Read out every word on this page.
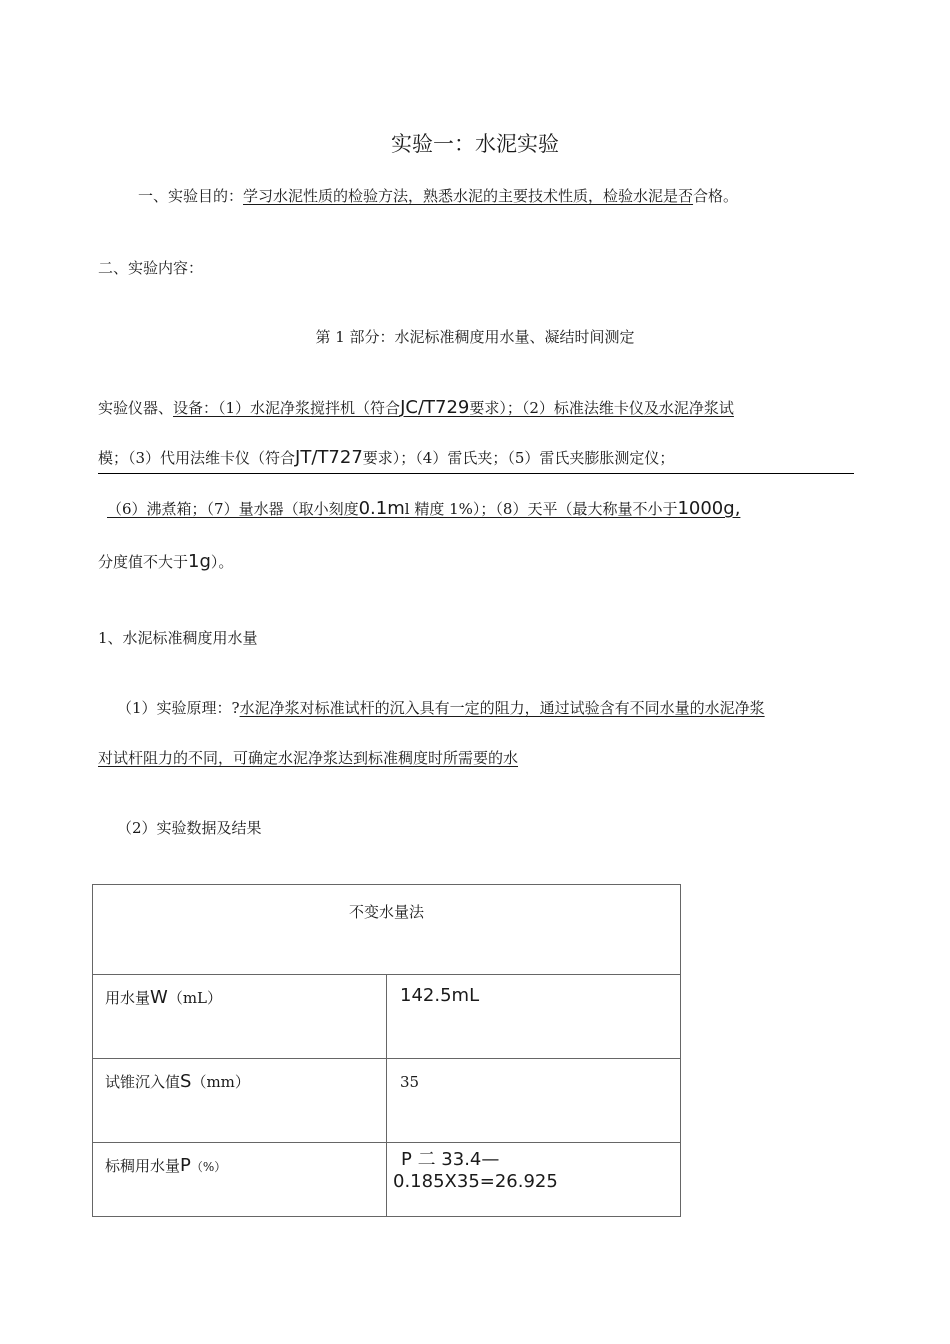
实验一：水泥实验
一、实验目的：学习水泥性质的检验方法，熟悉水泥的主要技术性质，检验水泥是否合格。
二、实验内容：
第 1 部分：水泥标准稠度用水量、凝结时间测定
实验仪器、设备：（1）水泥净浆搅拌机（符合JC/T729要求）；（2）标准法维卡仪及水泥净浆试
模；（3）代用法维卡仪（符合JT/T727要求）；（4）雷氏夹；（5）雷氏夹膨胀测定仪；
（6）沸煮箱；（7）量水器（取小刻度0.1ml 精度 1%）；（8）天平（最大称量不小于1000g,
分度值不大于1g）。
1、水泥标准稠度用水量
（1）实验原理：?水泥净浆对标准试杆的沉入具有一定的阻力，通过试验含有不同水量的水泥净浆
对试杆阻力的不同，可确定水泥净浆达到标准稠度时所需要的水
（2）实验数据及结果
不变水量法	
用水量W（mL）	142.5mL
试锥沉入值S（mm）	35
标稠用水量P（%）	P 二 33.4—
0.185X35=26.925
